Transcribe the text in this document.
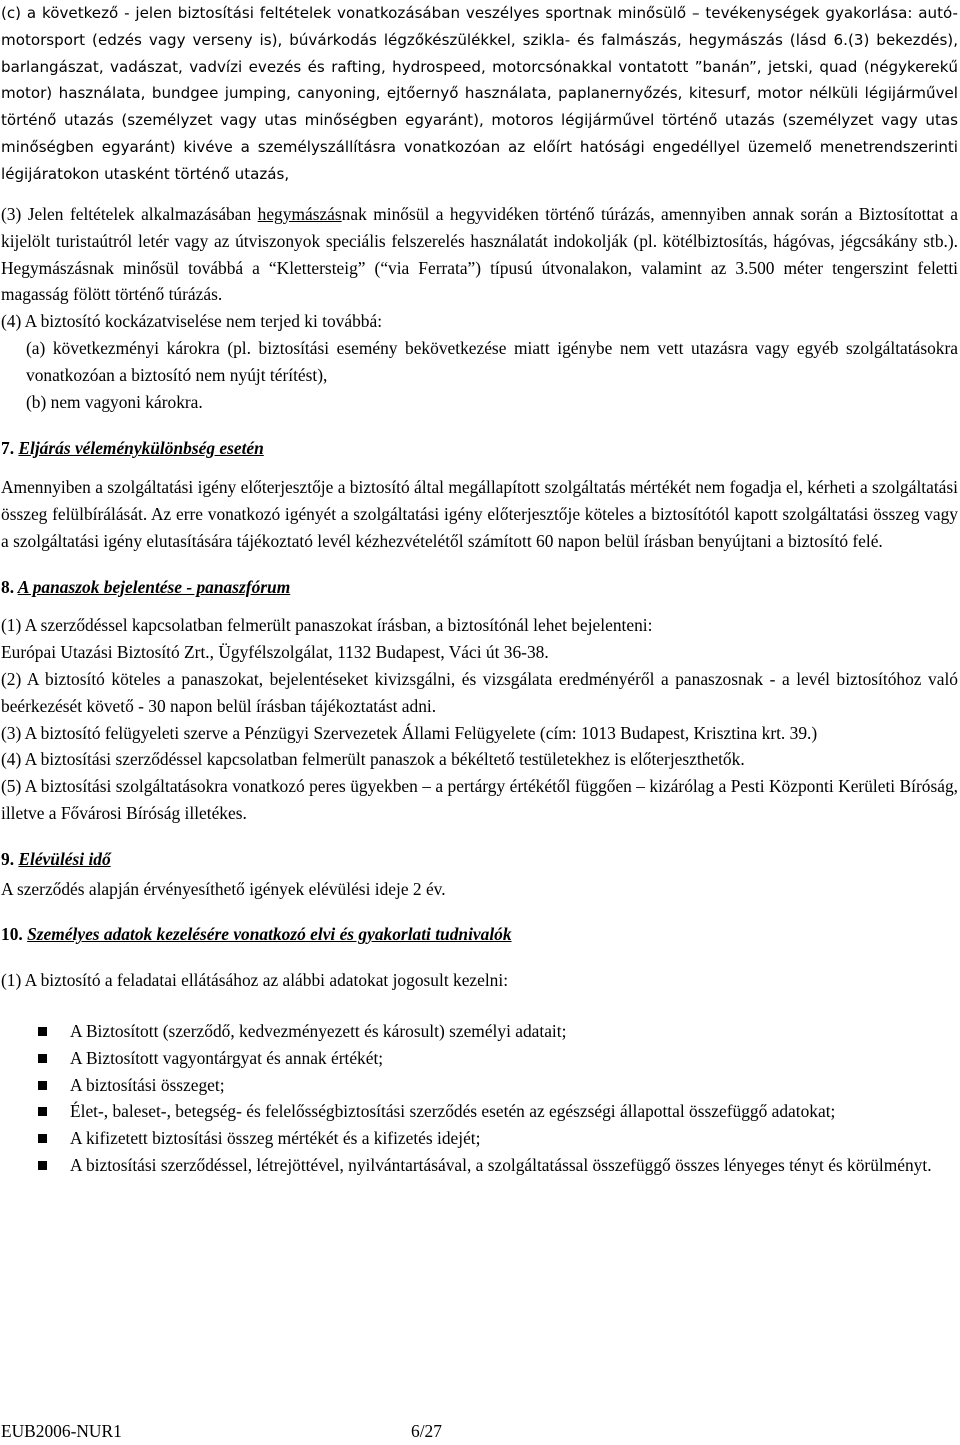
(c) a következő - jelen biztosítási feltételek vonatkozásában veszélyes sportnak minősülő – tevékenységek gyakorlása: autó-motorsport (edzés vagy verseny is), búvárkodás légzőkészülékkel, szikla- és falmászás, hegymászás (lásd 6.(3) bekezdés), barlangászat, vadászat, vadvízi evezés és rafting, hydrospeed, motorcsónakkal vontatott ”banán”, jetski, quad (négykerekű motor) használata, bundgee jumping, canyoning, ejtőernyő használata, paplanernyőzés, kitesurf, motor nélküli légijárművel történő utazás (személyzet vagy utas minőségben egyaránt), motoros légijárművel történő utazás (személyzet vagy utas minőségben egyaránt) kivéve a személyszállításra vonatkozóan az előírt hatósági engedéllyel üzemelő menetrendszerinti légijáratokon utasként történő utazás,

(3) Jelen feltételek alkalmazásában hegymászásnak minősül a hegyvidéken történő túrázás, amennyiben annak során a Biztosítottat a kijelölt turistaútról letér vagy az útviszonyok speciális felszerelés használatát indokolják (pl. kötélbiztosítás, hágóvas, jégcsákány stb.). Hegymászásnak minősül továbbá a “Klettersteig” (“via Ferrata”) típusú útvonalakon, valamint az 3.500 méter tengerszint feletti magasság fölött történő túrázás.

(4) A biztosító kockázatviselése nem terjed ki továbbá:

(a) következményi károkra (pl. biztosítási esemény bekövetkezése miatt igénybe nem vett utazásra vagy egyéb szolgáltatásokra vonatkozóan a biztosító nem nyújt térítést),

(b) nem vagyoni károkra.

7. Eljárás véleménykülönbség esetén

Amennyiben a szolgáltatási igény előterjesztője a biztosító által megállapított szolgáltatás mértékét nem fogadja el, kérheti a szolgáltatási összeg felülbírálását. Az erre vonatkozó igényét a szolgáltatási igény előterjesztője köteles a biztosítótól kapott szolgáltatási összeg vagy a szolgáltatási igény elutasítására tájékoztató levél kézhezvételétől számított 60 napon belül írásban benyújtani a biztosító felé.

8. A panaszok bejelentése - panaszfórum

(1) A szerződéssel kapcsolatban felmerült panaszokat írásban, a biztosítónál lehet bejelenteni:

Európai Utazási Biztosító Zrt., Ügyfélszolgálat, 1132 Budapest, Váci út 36-38.

(2) A biztosító köteles a panaszokat, bejelentéseket kivizsgálni, és vizsgálata eredményéről a panaszosnak - a levél biztosítóhoz való beérkezését követő - 30 napon belül írásban tájékoztatást adni.

(3) A biztosító felügyeleti szerve a Pénzügyi Szervezetek Állami Felügyelete (cím: 1013 Budapest, Krisztina krt. 39.)

(4) A biztosítási szerződéssel kapcsolatban felmerült panaszok a békéltető testületekhez is előterjeszthetők.

(5) A biztosítási szolgáltatásokra vonatkozó peres ügyekben – a pertárgy értékétől függően – kizárólag a Pesti Központi Kerületi Bíróság, illetve a Fővárosi Bíróság illetékes.

9. Elévülési idő

A szerződés alapján érvényesíthető igények elévülési ideje 2 év.

10. Személyes adatok kezelésére vonatkozó elvi és gyakorlati tudnivalók

(1) A biztosító a feladatai ellátásához az alábbi adatokat jogosult kezelni:

A Biztosított (szerződő, kedvezményezett és károsult) személyi adatait;
A Biztosított vagyontárgyat és annak értékét;
A biztosítási összeget;
Élet-, baleset-, betegség- és felelősségbiztosítási szerződés esetén az egészségi állapottal összefüggő adatokat;
A kifizetett biztosítási összeg mértékét és a kifizetés idejét;
A biztosítási szerződéssel, létrejöttével, nyilvántartásával, a szolgáltatással összefüggő összes lényeges tényt és körülményt.
EUB2006-NUR1	6/27
